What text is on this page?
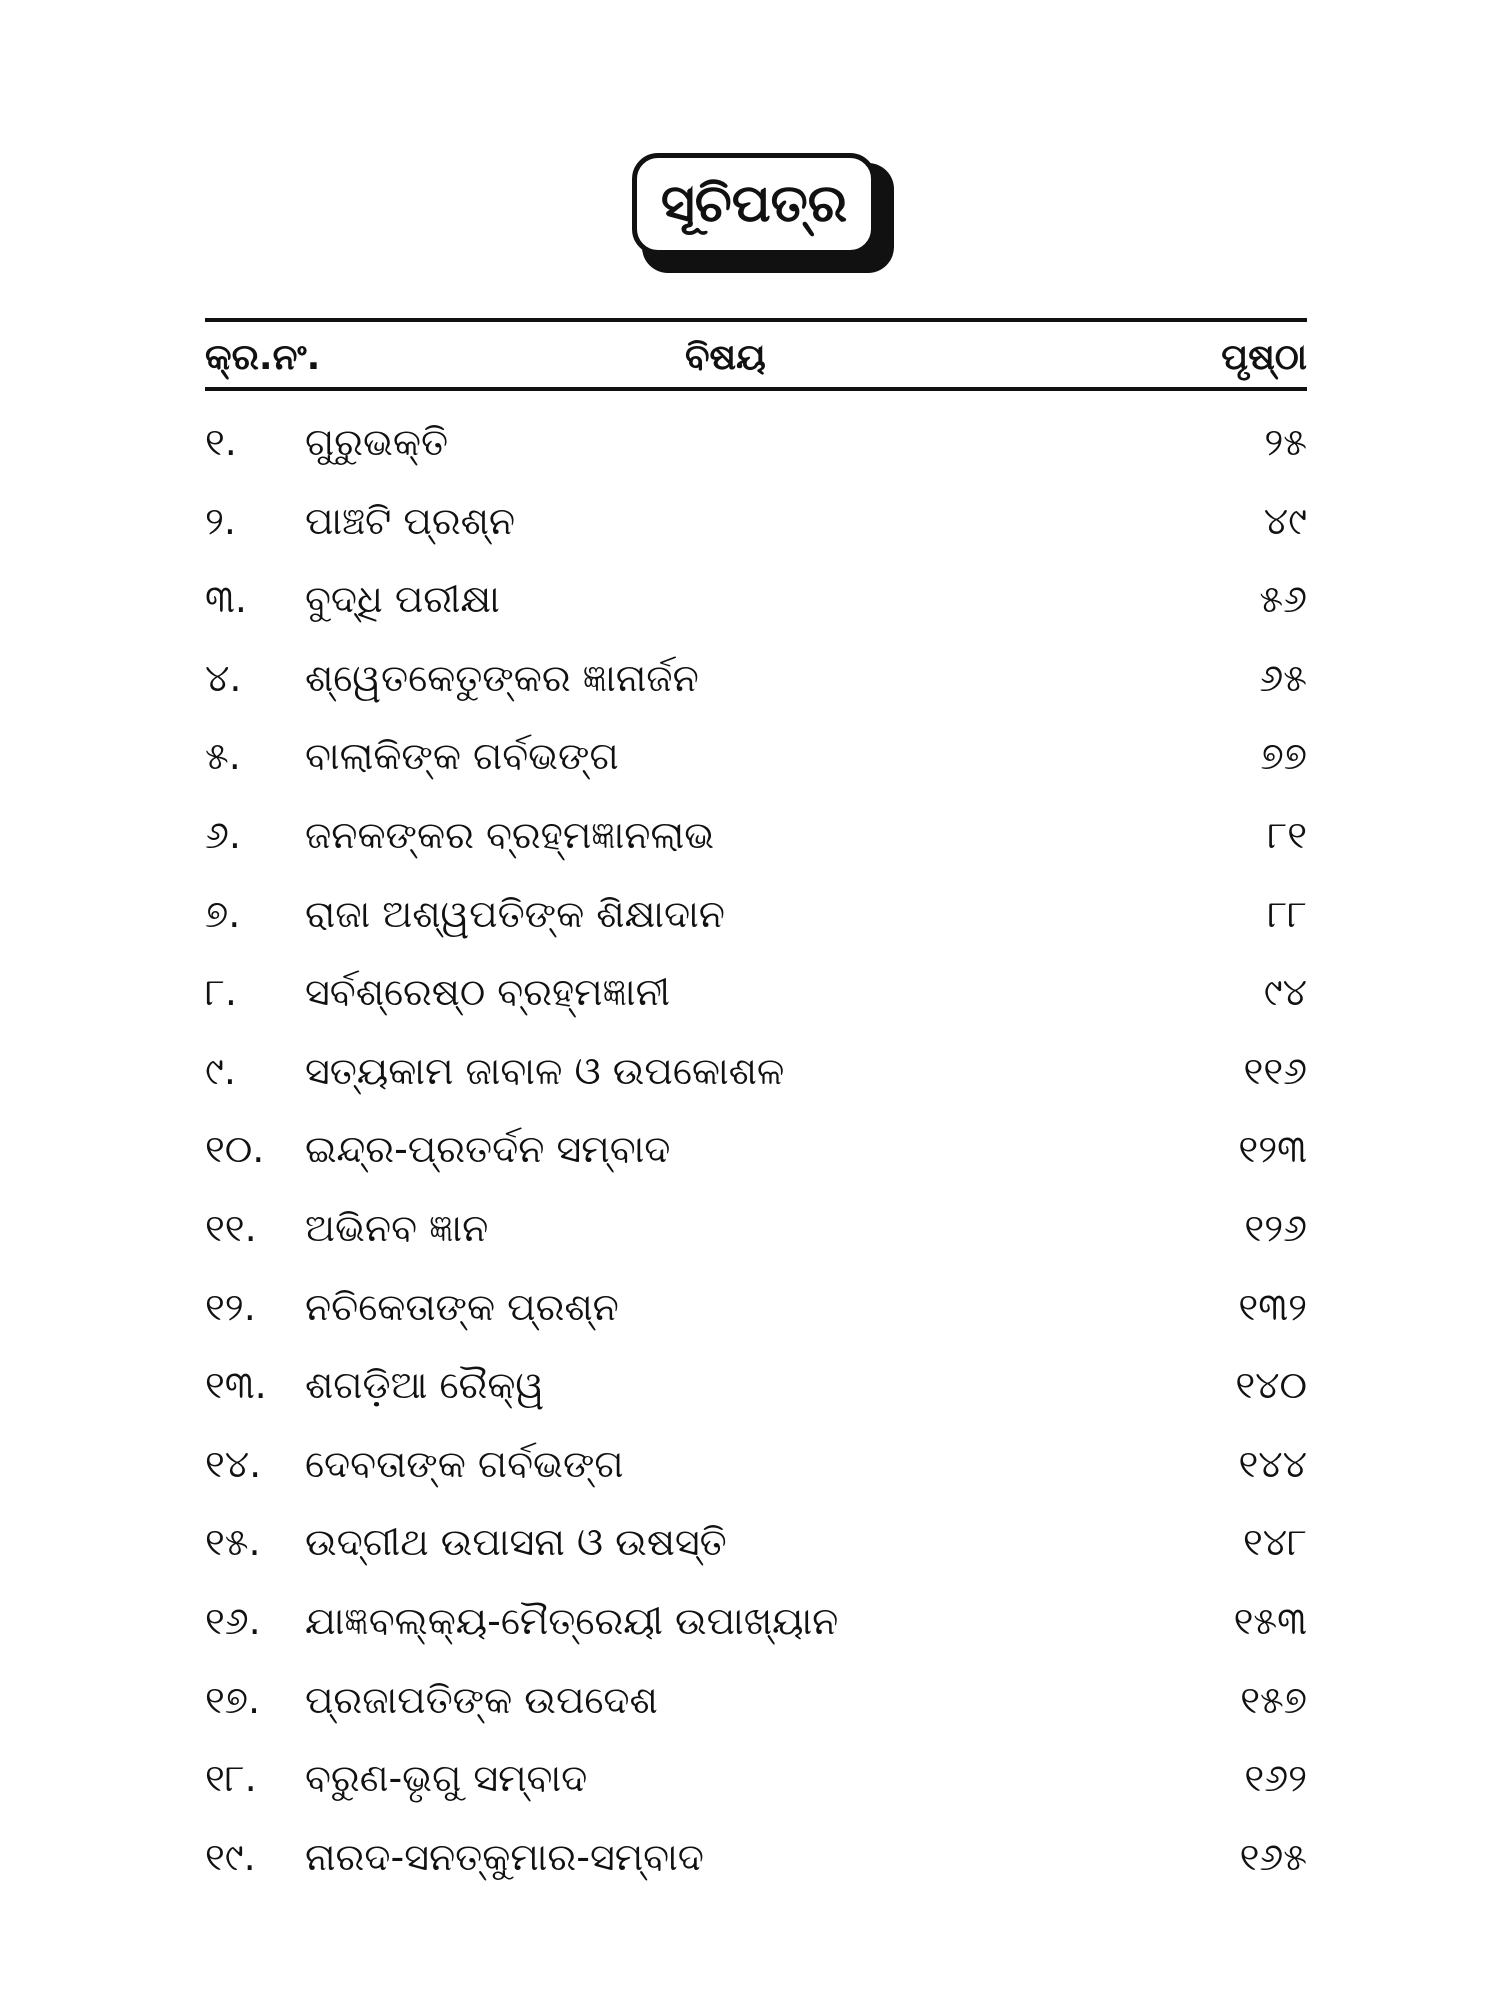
ସୂଚିପତ୍ର
କ୍ର.ନଂ.	ବିଷୟ	ପୃଷ୍ଠା
୧. ଗୁରୁଭକ୍ତି	୨୫
୨. ପାଞ୍ଚଟି ପ୍ରଶ୍ନ	୪୯
୩. ବୁଦ୍ଧି ପରୀକ୍ଷା	୫୬
୪. ଶ୍ୱେତକେତୁଙ୍କର ଜ୍ଞାନାର୍ଜନ	୬୫
୫. ବାଲାକିଙ୍କ ଗର୍ବଭଙ୍ଗ	୭୭
୬. ଜନକଙ୍କର ବ୍ରହ୍ମଜ୍ଞାନଲାଭ	୮୧
୭. ରାଜା ଅଶ୍ୱପତିଙ୍କ ଶିକ୍ଷାଦାନ	୮୮
୮. ସର୍ବଶ୍ରେଷ୍ଠ ବ୍ରହ୍ମଜ୍ଞାନୀ	୯୪
୯. ସତ୍ୟକାମ ଜାବାଳ ଓ ଉପକୋଶଳ	୧୧୬
୧୦. ଇନ୍ଦ୍ର-ପ୍ରତର୍ଦନ ସମ୍ବାଦ	୧୨୩
୧୧. ଅଭିନବ ଜ୍ଞାନ	୧୨୬
୧୨. ନଚିକେତାଙ୍କ ପ୍ରଶ୍ନ	୧୩୨
୧୩. ଶଗଡ଼ିଆ ରୈକ୍ୱ	୧୪୦
୧୪. ଦେବତାଙ୍କ ଗର୍ବଭଙ୍ଗ	୧୪୪
୧୫. ଉଦ୍‌ଗୀଥ ଉପାସନା ଓ ଉଷସ୍ତି	୧୪୮
୧୬. ଯାଜ୍ଞବଲ୍କ୍ୟ-ମୈତ୍ରେୟୀ ଉପାଖ୍ୟାନ	୧୫୩
୧୭. ପ୍ରଜାପତିଙ୍କ ଉପଦେଶ	୧୫୭
୧୮. ବରୁଣ-ଭୃଗୁ ସମ୍ବାଦ	୧୬୨
୧୯. ନାରଦ-ସନତ୍‌କୁମାର-ସମ୍ବାଦ	୧୬୫
